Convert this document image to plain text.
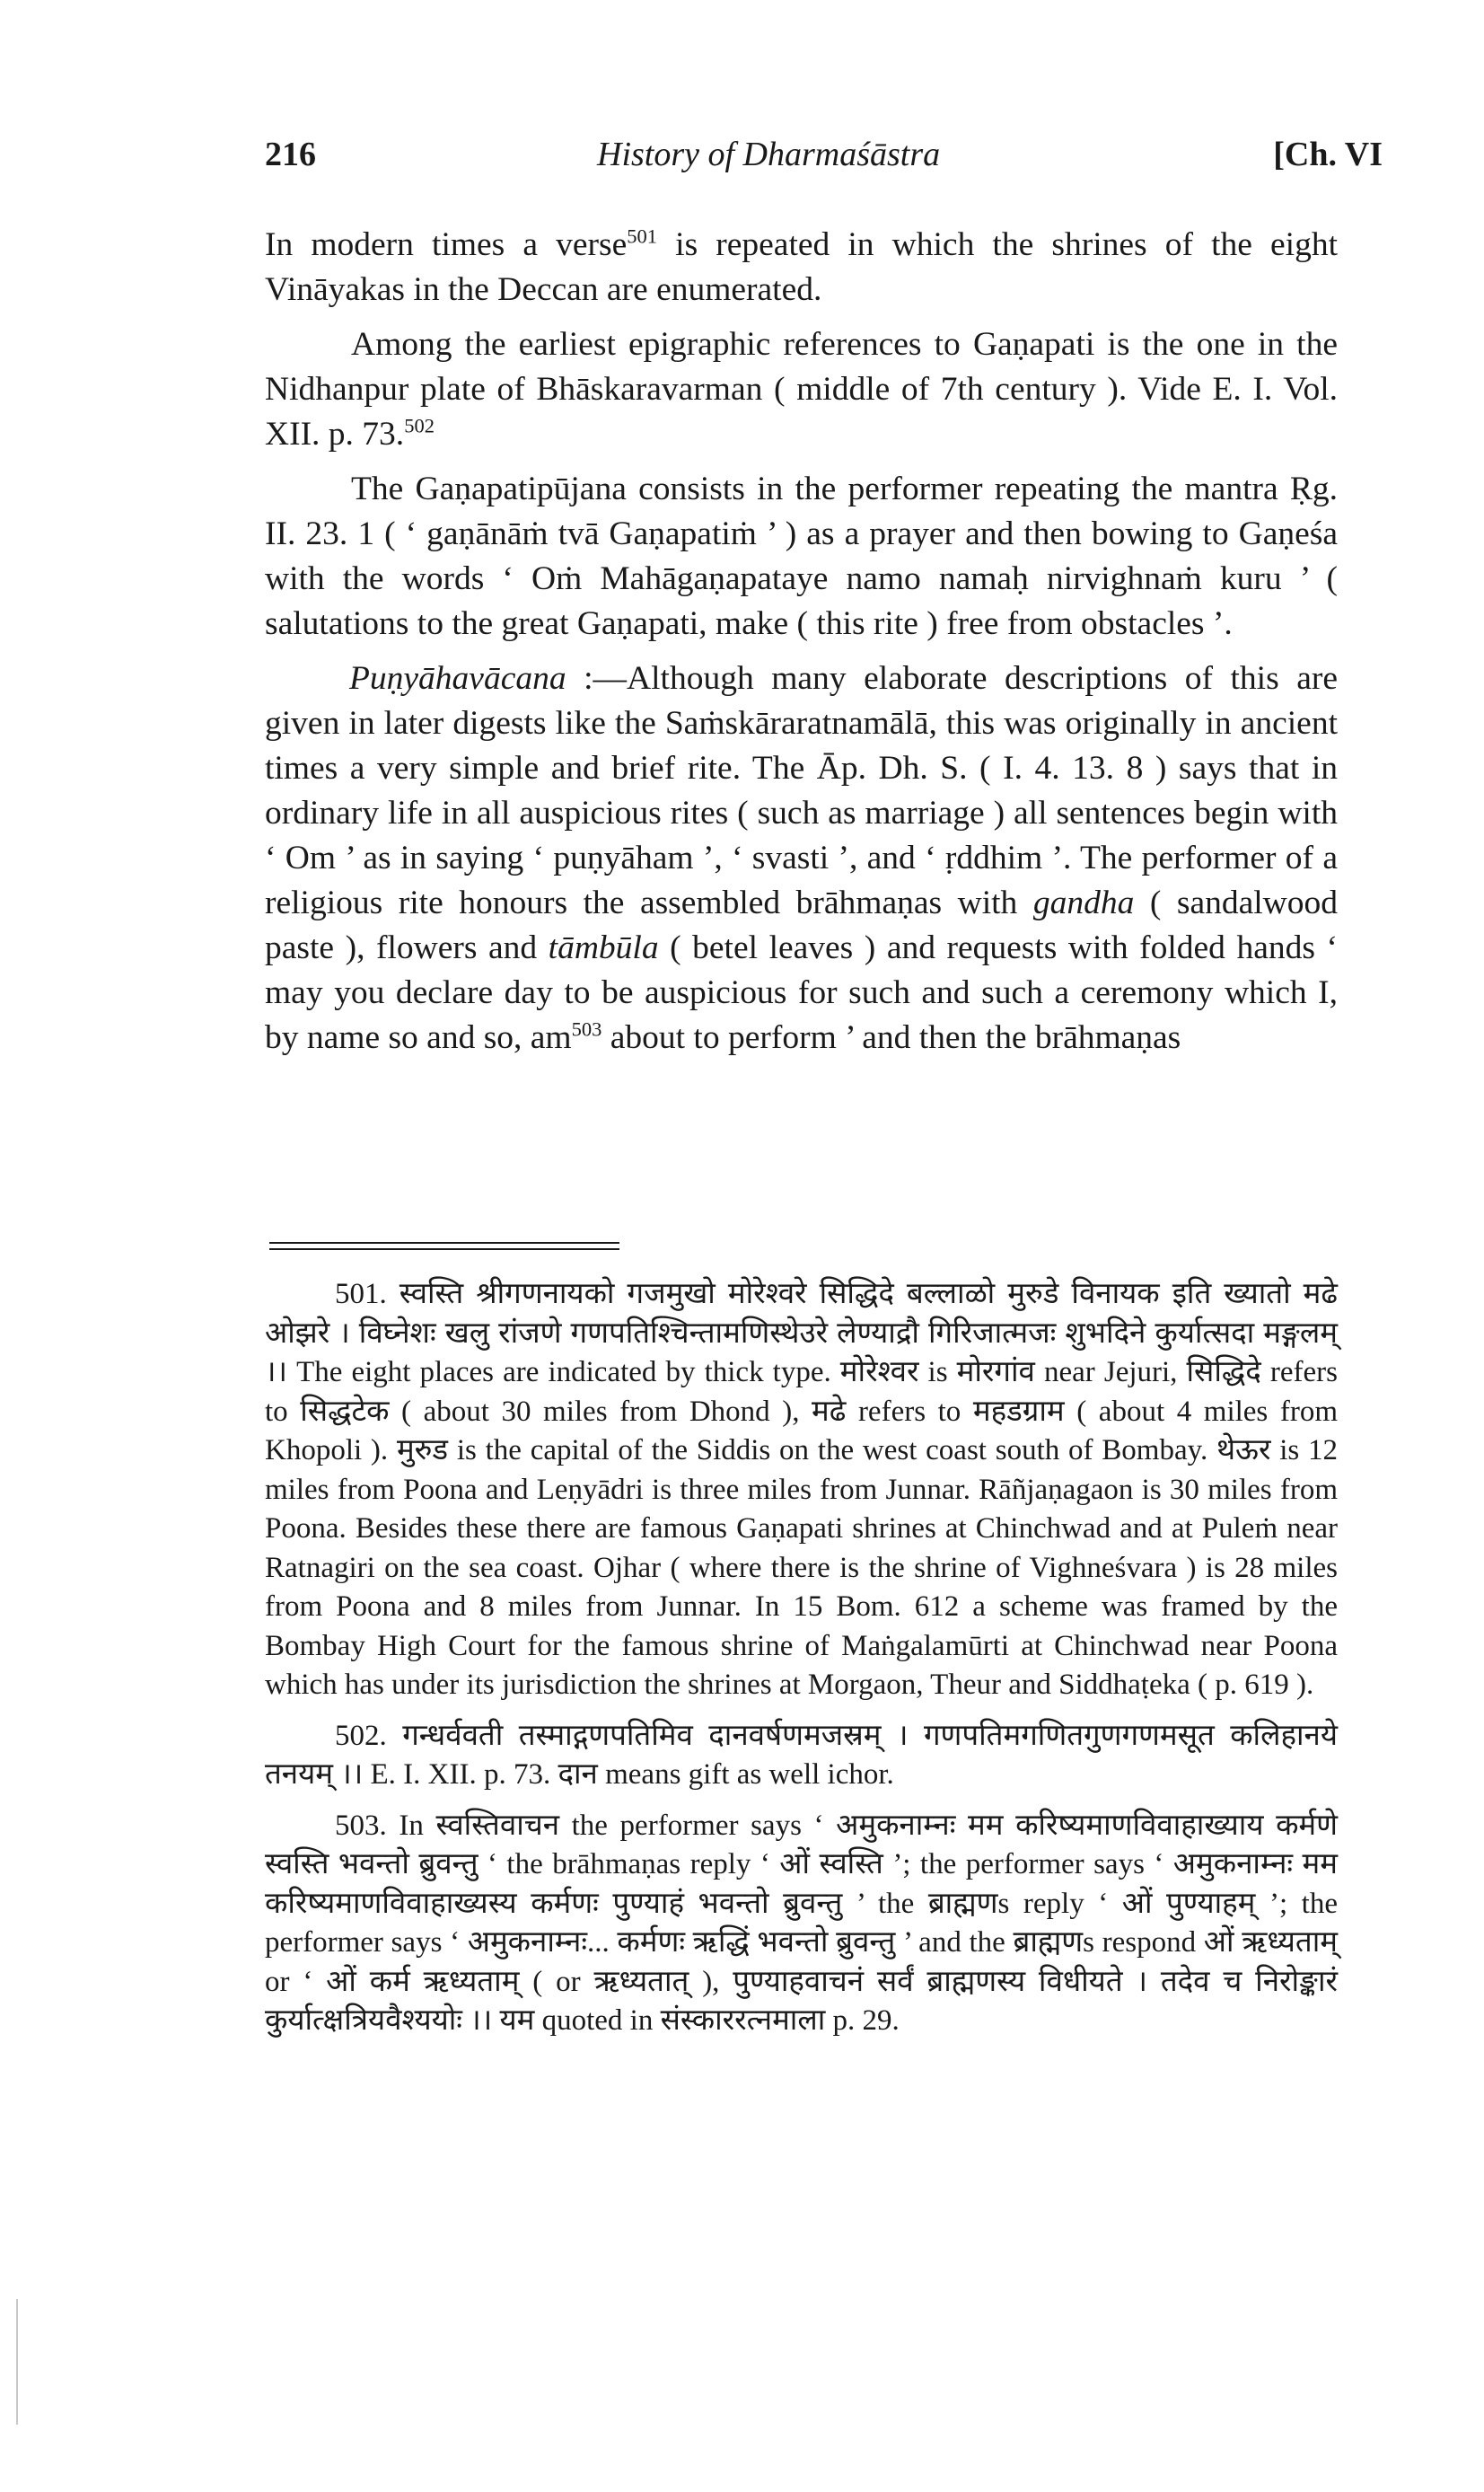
216	History of Dharmaśāstra	[Ch. VI

In modern times a verse$^{501}$ is repeated in which the shrines of the eight Vināyakas in the Deccan are enumerated.

Among the earliest epigraphic references to Gaṇapati is the one in the Nidhanpur plate of Bhāskaravarman ( middle of 7th century ). Vide E. I. Vol. XII. p. 73.$^{502}$

The Gaṇapatipūjana consists in the performer repeating the mantra Ṛg. II. 23. 1 ( ‘ gaṇānāṁ tvā Gaṇapatiṁ ’ ) as a prayer and then bowing to Gaṇeśa with the words ‘ Oṁ Mahāgaṇapataye namo namaḥ nirvighnaṁ kuru ’ ( salutations to the great Gaṇapati, make ( this rite ) free from obstacles ’.

Puṇyāhavācana :—Although many elaborate descriptions of this are given in later digests like the Saṁskārаratnamālā, this was originally in ancient times a very simple and brief rite. The Āp. Dh. S. ( I. 4. 13. 8 ) says that in ordinary life in all auspicious rites ( such as marriage ) all sentences begin with ‘ Om ’ as in saying ‘ puṇyāham ’, ‘ svasti ’, and ‘ ṛddhim ’. The performer of a religious rite honours the assembled brāhmaṇas with gandha ( sandalwood paste ), flowers and tāmbūla ( betel leaves ) and requests with folded hands ‘ may you declare day to be auspicious for such and such a ceremony which I, by name so and so, $am^{503}$ about to perform ’ and then the brāhmaṇas

501. स्वस्ति श्रीगणनायको गजमुखो मोरेश्वरे सिद्धिदे बल्लाळो मुरुडे विनायक इति ख्यातो मढे ओझरे । विघ्नेशः खलु रांजणे गणपतिश्चिन्तामणिस्थेउरे लेण्याद्रौ गिरिजात्मजः शुभदिने कुर्यात्सदा मङ्गलम् ।। The eight places are indicated by thick type. मोरेश्वर is मोरगांव near Jejuri, सिद्धिदे refers to सिद्धटेक ( about 30 miles from Dhond ), मढे refers to महडग्राम ( about 4 miles from Khopoli ). मुरुड is the capital of the Siddis on the west coast south of Bombay. थेऊर is 12 miles from Poona and Leṇyādri is three miles from Junnar. Rāñjaṇagaon is 30 miles from Poona. Besides these there are famous Gaṇapati shrines at Chinchwad and at Puleṁ near Ratnagiri on the sea coast. Ojhar ( where there is the shrine of Vighneśvara ) is 28 miles from Poona and 8 miles from Junnar. In 15 Bom. 612 a scheme was framed by the Bombay High Court for the famous shrine of Maṅgalamūrti at Chinchwad near Poona which has under its jurisdiction the shrines at Morgaon, Theur and Siddhaṭeka ( p. 619 ).

502. गन्धर्ववती तस्माद्गणपतिमिव दानवर्षणमजस्रम् । गणपतिमगणितगुणगणमसूत कलिहानये तनयम् ।। E. I. XII. p. 73. दान means gift as well ichor.

503. In स्वस्तिवाचन the performer says ‘ अमुकनाम्नः मम करिष्यमाणविवाहाख्याय कर्मणे स्वस्ति भवन्तो ब्रुवन्तु ‘ the brāhmaṇas reply ‘ ओं स्वस्ति ’; the performer says ‘ अमुकनाम्नः मम करिष्यमाणविवाहाख्यस्य कर्मणः पुण्याहं भवन्तो ब्रुवन्तु ’ the ब्राह्मणs reply ‘ ओं पुण्याहम् ’; the performer says ‘ अमुकनाम्नः... कर्मणः ऋद्धिं भवन्तो ब्रुवन्तु ’ and the ब्राह्मणs respond ओं ऋध्यताम् or ‘ ओं कर्म ऋध्यताम् ( or ऋध्यतात् ), पुण्याहवाचनं सर्वं ब्राह्मणस्य विधीयते । तदेव च निरोङ्कारं कुर्यात्क्षत्रियवैश्ययोः ।। यम quoted in संस्काररत्नमाला p. 29.
